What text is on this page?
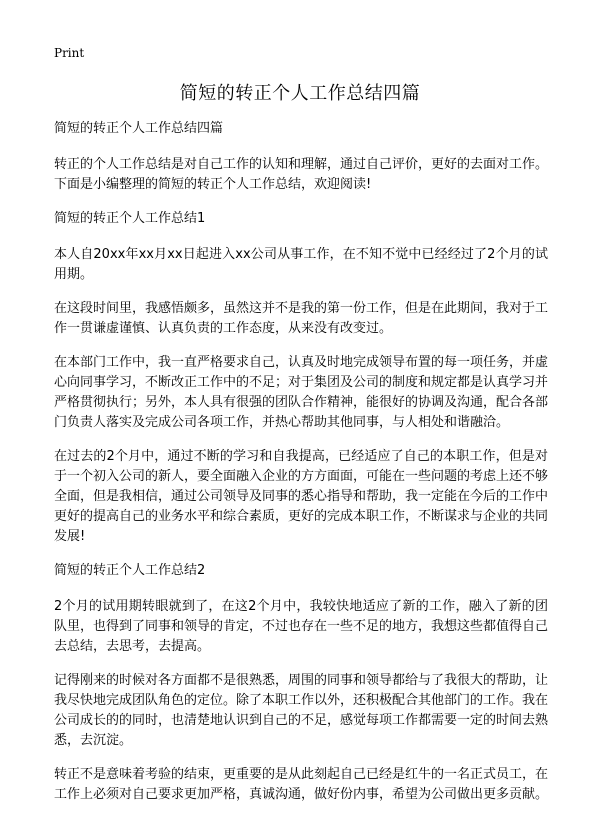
Print
简短的转正个人工作总结四篇
简短的转正个人工作总结四篇

转正的个人工作总结是对自己工作的认知和理解，通过自己评价，更好的去面对工作。下面是小编整理的简短的转正个人工作总结，欢迎阅读!

简短的转正个人工作总结1

本人自20xx年xx月xx日起进入xx公司从事工作，在不知不觉中已经经过了2个月的试用期。

在这段时间里，我感悟颇多，虽然这并不是我的第一份工作，但是在此期间，我对于工作一贯谦虚谨慎、认真负责的工作态度，从来没有改变过。

在本部门工作中，我一直严格要求自己，认真及时地完成领导布置的每一项任务，并虚心向同事学习，不断改正工作中的不足；对于集团及公司的制度和规定都是认真学习并严格贯彻执行；另外，本人具有很强的团队合作精神，能很好的协调及沟通，配合各部门负责人落实及完成公司各项工作，并热心帮助其他同事，与人相处和谐融洽。

在过去的2个月中，通过不断的学习和自我提高，已经适应了自己的本职工作，但是对于一个初入公司的新人，要全面融入企业的方方面面，可能在一些问题的考虑上还不够全面，但是我相信，通过公司领导及同事的悉心指导和帮助，我一定能在今后的工作中更好的提高自己的业务水平和综合素质，更好的完成本职工作，不断谋求与企业的共同发展!

简短的转正个人工作总结2

2个月的试用期转眼就到了，在这2个月中，我较快地适应了新的工作，融入了新的团队里，也得到了同事和领导的肯定，不过也存在一些不足的地方，我想这些都值得自己去总结，去思考，去提高。

记得刚来的时候对各方面都不是很熟悉，周围的同事和领导都给与了我很大的帮助，让我尽快地完成团队角色的定位。除了本职工作以外，还积极配合其他部门的工作。我在公司成长的的同时，也清楚地认识到自己的不足，感觉每项工作都需要一定的时间去熟悉，去沉淀。

转正不是意味着考验的结束，更重要的是从此刻起自己已经是红牛的一名正式员工，在工作上必须对自己要求更加严格，真诚沟通，做好份内事，希望为公司做出更多贡献。
